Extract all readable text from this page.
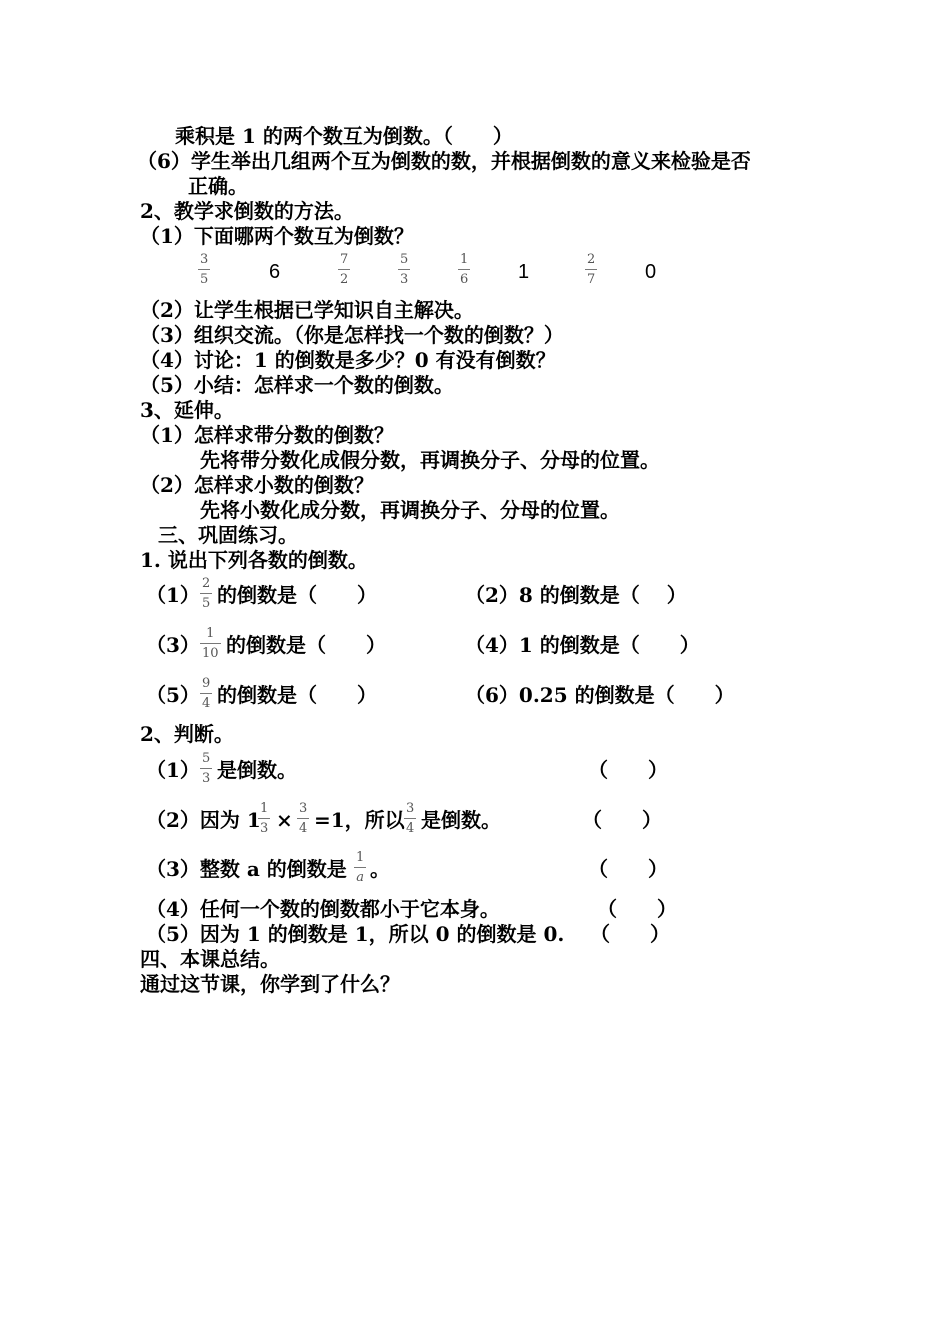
乘积是 1 的两个数互为倒数。（　　）
（6）学生举出几组两个互为倒数的数，并根据倒数的意义来检验是否
正确。
2、教学求倒数的方法。
（1）下面哪两个数互为倒数？
3
5	6
7
2
5
3
1
6 1
2
7 0
（2）让学生根据已学知识自主解决。
（3）组织交流。（你是怎样找一个数的倒数？）
（4）讨论：1 的倒数是多少？0 有没有倒数？
（5）小结：怎样求一个数的倒数。
3、延伸。
（1）怎样求带分数的倒数？
先将带分数化成假分数，再调换分子、分母的位置。
（2）怎样求小数的倒数？
先将小数化成分数，再调换分子、分母的位置。
三、巩固练习。
1. 说出下列各数的倒数。
（1） 2
5 的倒数是（　　）	（2）8 的倒数是（　 ）
（3） 1
10 的倒数是（　　）	（4）1 的倒数是（　　）
（5） 9
4 的倒数是（　　）	（6）0.25 的倒数是（　　）
2、判断。
（1） 5
3 是倒数。	（　　）
（2）因为 1 1
3 × 3
4 =1，所以 3
4 是倒数。	（　　）
（3）整数 a 的倒数是 1
a 。	（　　）
（4）任何一个数的倒数都小于它本身。	（　　）
（5）因为 1 的倒数是 1，所以 0 的倒数是 0. （　　）
四、本课总结。
通过这节课，你学到了什么？
